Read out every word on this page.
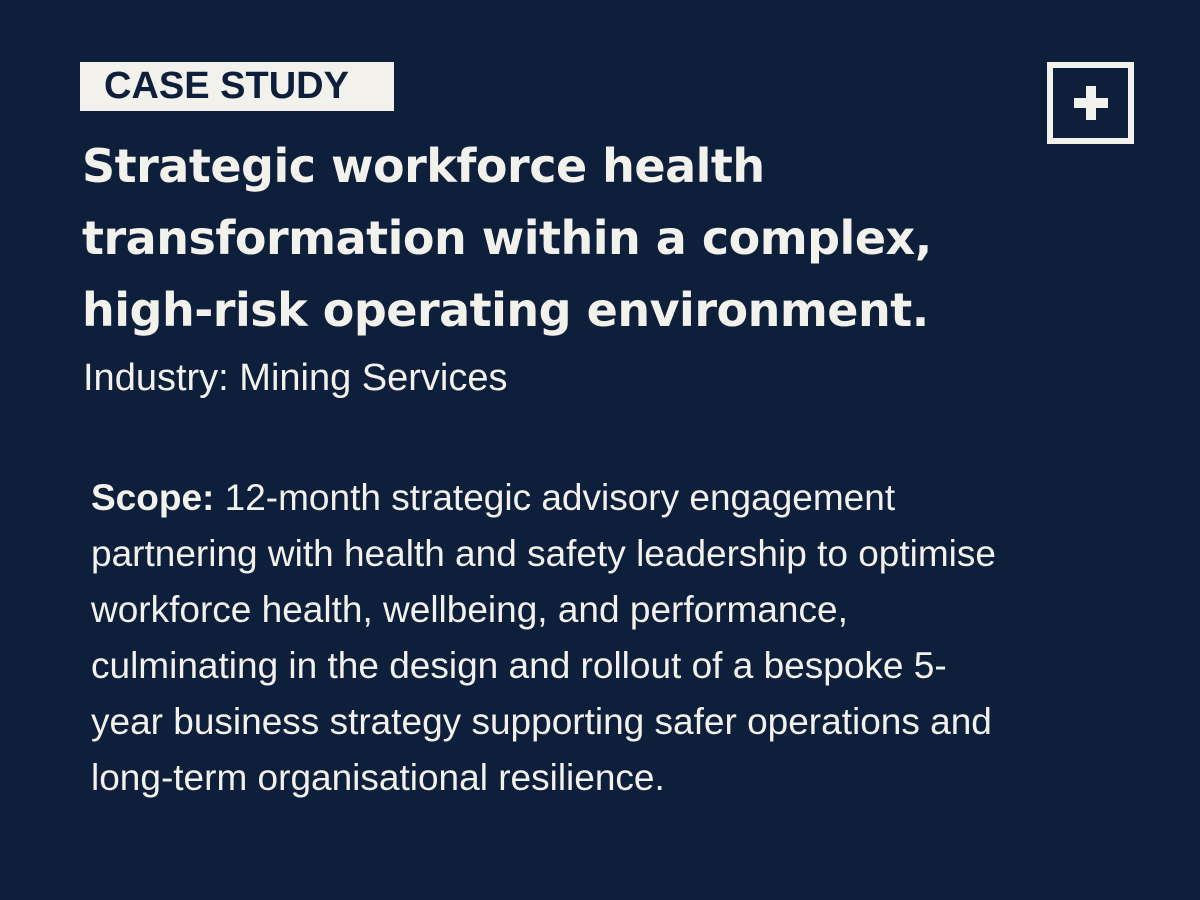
CASE STUDY
Strategic workforce health
transformation within a complex,
high-risk operating environment.
Industry: Mining Services
Scope: 12-month strategic advisory engagement
partnering with health and safety leadership to optimise
workforce health, wellbeing, and performance,
culminating in the design and rollout of a bespoke 5-
year business strategy supporting safer operations and
long-term organisational resilience.
